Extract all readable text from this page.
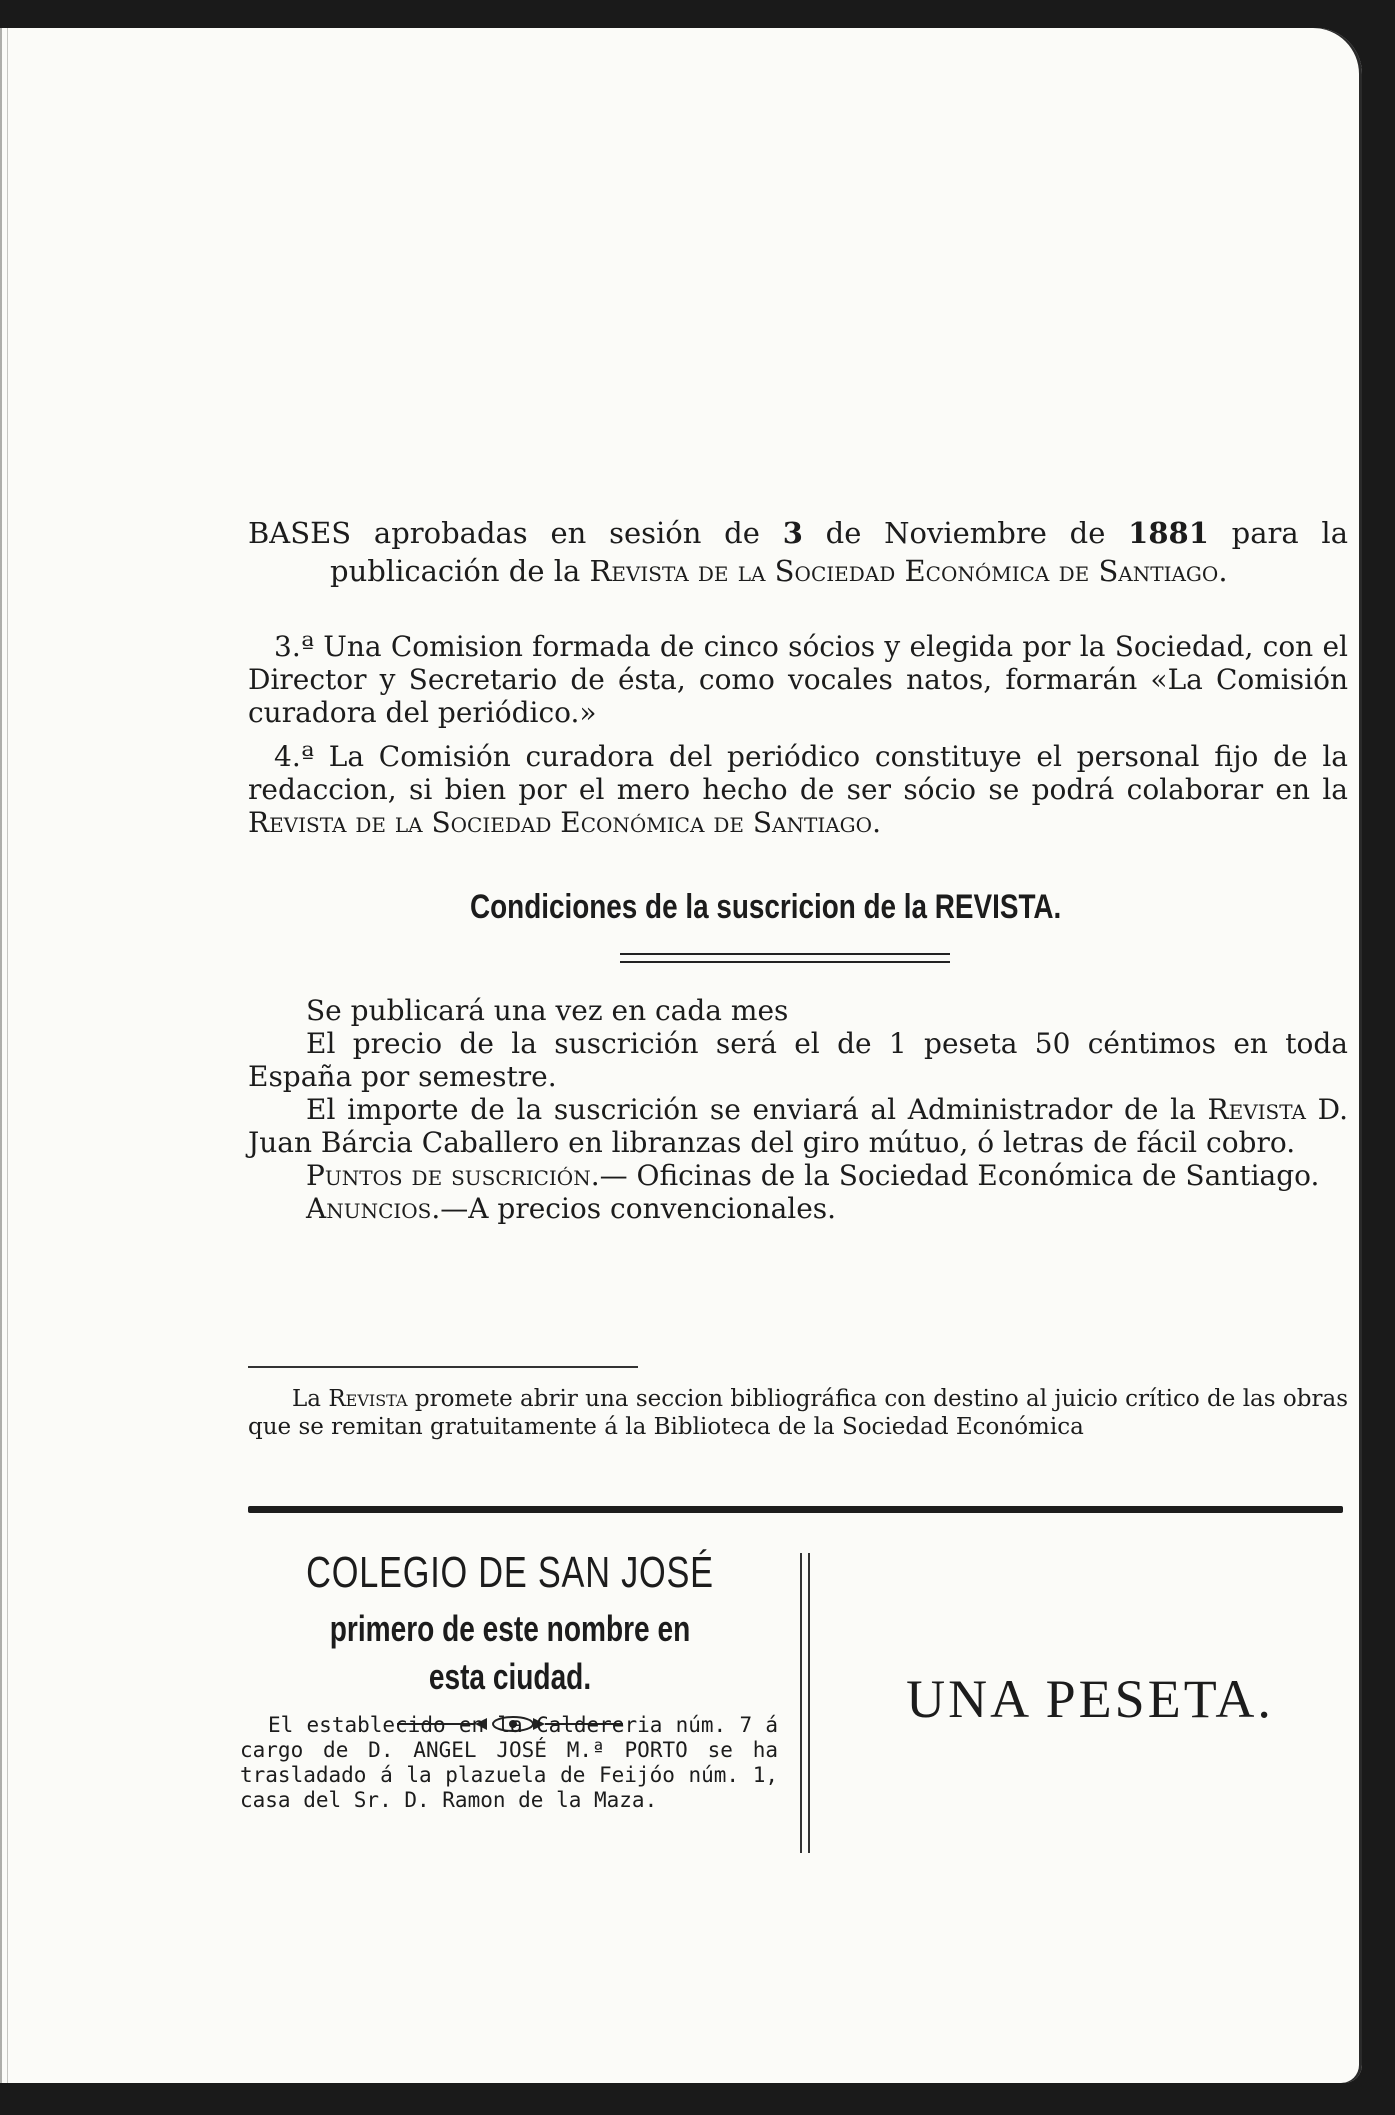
BASES aprobadas en sesión de 3 de Noviembre de 1881 para la
publicación de la Revista de la Sociedad Económica de Santiago.
3.ª Una Comision formada de cinco sócios y elegida por la Sociedad, con el Director y Secretario de ésta, como vocales natos, formarán «La Comisión curadora del periódico.»
4.ª La Comisión curadora del periódico constituye el personal fijo de la redaccion, si bien por el mero hecho de ser sócio se podrá colaborar en la Revista de la Sociedad Económica de Santiago.
Condiciones de la suscricion de la REVISTA.

Se publicará una vez en cada mes

El precio de la suscrición será el de 1 peseta 50 céntimos en toda España por semestre.

El importe de la suscrición se enviará al Administrador de la Revista D. Juan Bárcia Caballero en libranzas del giro mútuo, ó letras de fácil cobro.

Puntos de suscrición.— Oficinas de la Sociedad Económica de Santiago.

Anuncios.—A precios convencionales.

La Revista promete abrir una seccion bibliográfica con destino al juicio crítico de las obras que se remitan gratuitamente á la Biblioteca de la Sociedad Económica
COLEGIO DE SAN JOSÉ
primero de este nombre en esta ciudad.
El establecido en la Caldereria núm. 7 á cargo de D. ANGEL JOSÉ M.ª PORTO se ha trasladado á la plazuela de Feijóo núm. 1, casa del Sr. D. Ramon de la Maza.
UNA PESETA.
